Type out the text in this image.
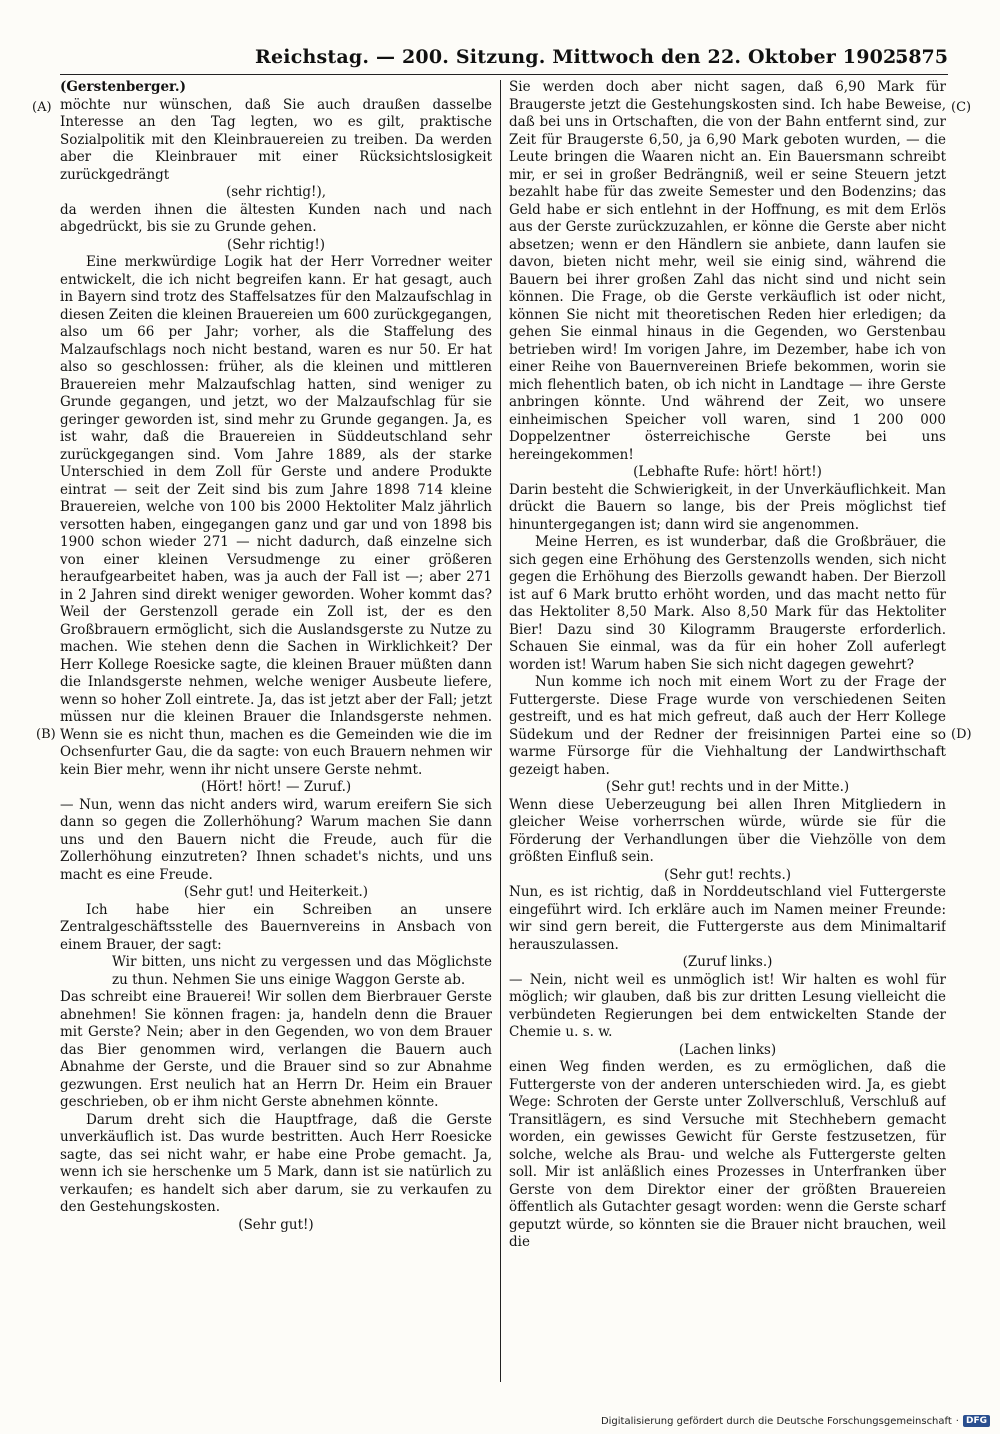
Reichstag. — 200. Sitzung. Mittwoch den 22. Oktober 1902.
5875
(A)
(B)
(C)
(D)

(Gerstenberger.)

möchte nur wünschen, daß Sie auch draußen dasselbe Interesse an den Tag legten, wo es gilt, praktische Sozialpolitik mit den Kleinbrauereien zu treiben. Da werden aber die Kleinbrauer mit einer Rücksichtslosigkeit zurückgedrängt

(sehr richtig!),

da werden ihnen die ältesten Kunden nach und nach abgedrückt, bis sie zu Grunde gehen.

(Sehr richtig!)

Eine merkwürdige Logik hat der Herr Vorredner weiter entwickelt, die ich nicht begreifen kann. Er hat gesagt, auch in Bayern sind trotz des Staffelsatzes für den Malzaufschlag in diesen Zeiten die kleinen Brauereien um 600 zurückgegangen, also um 66 per Jahr; vorher, als die Staffelung des Malzaufschlags noch nicht bestand, waren es nur 50. Er hat also so geschlossen: früher, als die kleinen und mittleren Brauereien mehr Malzaufschlag hatten, sind weniger zu Grunde gegangen, und jetzt, wo der Malzaufschlag für sie geringer geworden ist, sind mehr zu Grunde gegangen. Ja, es ist wahr, daß die Brauereien in Süddeutschland sehr zurückgegangen sind. Vom Jahre 1889, als der starke Unterschied in dem Zoll für Gerste und andere Produkte eintrat — seit der Zeit sind bis zum Jahre 1898 714 kleine Brauereien, welche von 100 bis 2000 Hektoliter Malz jährlich versotten haben, eingegangen ganz und gar und von 1898 bis 1900 schon wieder 271 — nicht dadurch, daß einzelne sich von einer kleinen Versudmenge zu einer größeren heraufgearbeitet haben, was ja auch der Fall ist —; aber 271 in 2 Jahren sind direkt weniger geworden. Woher kommt das? Weil der Gerstenzoll gerade ein Zoll ist, der es den Großbrauern ermöglicht, sich die Auslandsgerste zu Nutze zu machen. Wie stehen denn die Sachen in Wirklichkeit? Der Herr Kollege Roesicke sagte, die kleinen Brauer müßten dann die Inlandsgerste nehmen, welche weniger Ausbeute liefere, wenn so hoher Zoll eintrete. Ja, das ist jetzt aber der Fall; jetzt müssen nur die kleinen Brauer die Inlandsgerste nehmen. Wenn sie es nicht thun, machen es die Gemeinden wie die im Ochsenfurter Gau, die da sagte: von euch Brauern nehmen wir kein Bier mehr, wenn ihr nicht unsere Gerste nehmt.

(Hört! hört! — Zuruf.)

— Nun, wenn das nicht anders wird, warum ereifern Sie sich dann so gegen die Zollerhöhung? Warum machen Sie dann uns und den Bauern nicht die Freude, auch für die Zollerhöhung einzutreten? Ihnen schadet's nichts, und uns macht es eine Freude.

(Sehr gut! und Heiterkeit.)

Ich habe hier ein Schreiben an unsere Zentralgeschäftsstelle des Bauernvereins in Ansbach von einem Brauer, der sagt:

Wir bitten, uns nicht zu vergessen und das Möglichste zu thun. Nehmen Sie uns einige Waggon Gerste ab.

Das schreibt eine Brauerei! Wir sollen dem Bierbrauer Gerste abnehmen! Sie können fragen: ja, handeln denn die Brauer mit Gerste? Nein; aber in den Gegenden, wo von dem Brauer das Bier genommen wird, verlangen die Bauern auch Abnahme der Gerste, und die Brauer sind so zur Abnahme gezwungen. Erst neulich hat an Herrn Dr. Heim ein Brauer geschrieben, ob er ihm nicht Gerste abnehmen könnte.

Darum dreht sich die Hauptfrage, daß die Gerste unverkäuflich ist. Das wurde bestritten. Auch Herr Roesicke sagte, das sei nicht wahr, er habe eine Probe gemacht. Ja, wenn ich sie herschenke um 5 Mark, dann ist sie natürlich zu verkaufen; es handelt sich aber darum, sie zu verkaufen zu den Gestehungskosten.

(Sehr gut!)

Sie werden doch aber nicht sagen, daß 6,90 Mark für Braugerste jetzt die Gestehungskosten sind. Ich habe Beweise, daß bei uns in Ortschaften, die von der Bahn entfernt sind, zur Zeit für Braugerste 6,50, ja 6,90 Mark geboten wurden, — die Leute bringen die Waaren nicht an. Ein Bauersmann schreibt mir, er sei in großer Bedrängniß, weil er seine Steuern jetzt bezahlt habe für das zweite Semester und den Bodenzins; das Geld habe er sich entlehnt in der Hoffnung, es mit dem Erlös aus der Gerste zurückzuzahlen, er könne die Gerste aber nicht absetzen; wenn er den Händlern sie anbiete, dann laufen sie davon, bieten nicht mehr, weil sie einig sind, während die Bauern bei ihrer großen Zahl das nicht sind und nicht sein können. Die Frage, ob die Gerste verkäuflich ist oder nicht, können Sie nicht mit theoretischen Reden hier erledigen; da gehen Sie einmal hinaus in die Gegenden, wo Gerstenbau betrieben wird! Im vorigen Jahre, im Dezember, habe ich von einer Reihe von Bauernvereinen Briefe bekommen, worin sie mich flehentlich baten, ob ich nicht in Landtage — ihre Gerste anbringen könnte. Und während der Zeit, wo unsere einheimischen Speicher voll waren, sind 1 200 000 Doppelzentner österreichische Gerste bei uns hereingekommen!

(Lebhafte Rufe: hört! hört!)

Darin besteht die Schwierigkeit, in der Unverkäuflichkeit. Man drückt die Bauern so lange, bis der Preis möglichst tief hinuntergegangen ist; dann wird sie angenommen.

Meine Herren, es ist wunderbar, daß die Großbräuer, die sich gegen eine Erhöhung des Gerstenzolls wenden, sich nicht gegen die Erhöhung des Bierzolls gewandt haben. Der Bierzoll ist auf 6 Mark brutto erhöht worden, und das macht netto für das Hektoliter 8,50 Mark. Also 8,50 Mark für das Hektoliter Bier! Dazu sind 30 Kilogramm Braugerste erforderlich. Schauen Sie einmal, was da für ein hoher Zoll auferlegt worden ist! Warum haben Sie sich nicht dagegen gewehrt?

Nun komme ich noch mit einem Wort zu der Frage der Futtergerste. Diese Frage wurde von verschiedenen Seiten gestreift, und es hat mich gefreut, daß auch der Herr Kollege Südekum und der Redner der freisinnigen Partei eine so warme Fürsorge für die Viehhaltung der Landwirthschaft gezeigt haben.

(Sehr gut! rechts und in der Mitte.)

Wenn diese Ueberzeugung bei allen Ihren Mitgliedern in gleicher Weise vorherrschen würde, würde sie für die Förderung der Verhandlungen über die Viehzölle von dem größten Einfluß sein.

(Sehr gut! rechts.)

Nun, es ist richtig, daß in Norddeutschland viel Futtergerste eingeführt wird. Ich erkläre auch im Namen meiner Freunde: wir sind gern bereit, die Futtergerste aus dem Minimaltarif herauszulassen.

(Zuruf links.)

— Nein, nicht weil es unmöglich ist! Wir halten es wohl für möglich; wir glauben, daß bis zur dritten Lesung vielleicht die verbündeten Regierungen bei dem entwickelten Stande der Chemie u. s. w.

(Lachen links)

einen Weg finden werden, es zu ermöglichen, daß die Futtergerste von der anderen unterschieden wird. Ja, es giebt Wege: Schroten der Gerste unter Zollverschluß, Verschluß auf Transitlägern, es sind Versuche mit Stechhebern gemacht worden, ein gewisses Gewicht für Gerste festzusetzen, für solche, welche als Brau- und welche als Futtergerste gelten soll. Mir ist anläßlich eines Prozesses in Unterfranken über Gerste von dem Direktor einer der größten Brauereien öffentlich als Gutachter gesagt worden: wenn die Gerste scharf geputzt würde, so könnten sie die Brauer nicht brauchen, weil die

Digitalisierung gefördert durch die Deutsche Forschungsgemeinschaft · DFG
